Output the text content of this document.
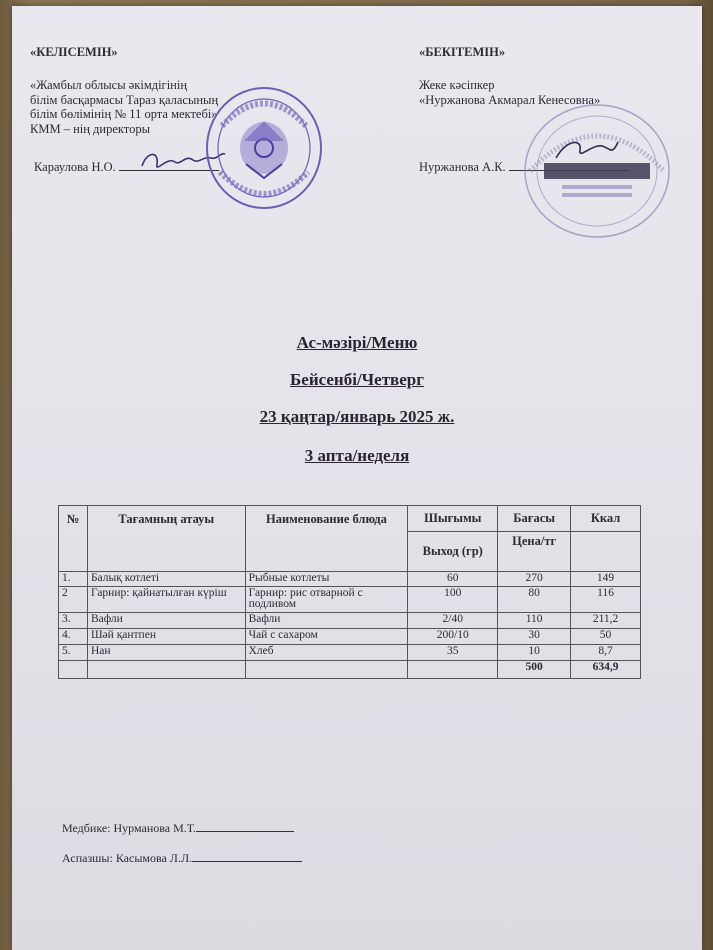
«КЕЛІСЕМІН»
«Жамбыл облысы әкімдігінің
білім басқармасы Тараз қаласының
білім бөлімінің № 11 орта мектебі»
КММ – нің директоры
Караулова Н.О.
«БЕКІТЕМІН»
Жеке кәсіпкер
«Нуржанова Акмарал Кенесовна»
Нуржанова А.К.
Ас-мәзірі/Меню
Бейсенбі/Четверг
23 қаңтар/январь 2025 ж.
3 апта/неделя
№	Тағамның атауы	Наименование блюда	Шығымы	Бағасы	Ккал
			Выход (гр)	Цена/тг	
1.	Балық котлеті	Рыбные котлеты	60	270	149
2	Гарнир: қайнатылған күріш	Гарнир: рис отварной с подливом	100	80	116
3.	Вафли	Вафли	2/40	110	211,2
4.	Шәй қантпен	Чай с сахаром	200/10	30	50
5.	Нан	Хлеб	35	10	8,7
				500	634,9
Медбике: Нурманова М.Т.
Аспазшы: Касымова Л.Л.
